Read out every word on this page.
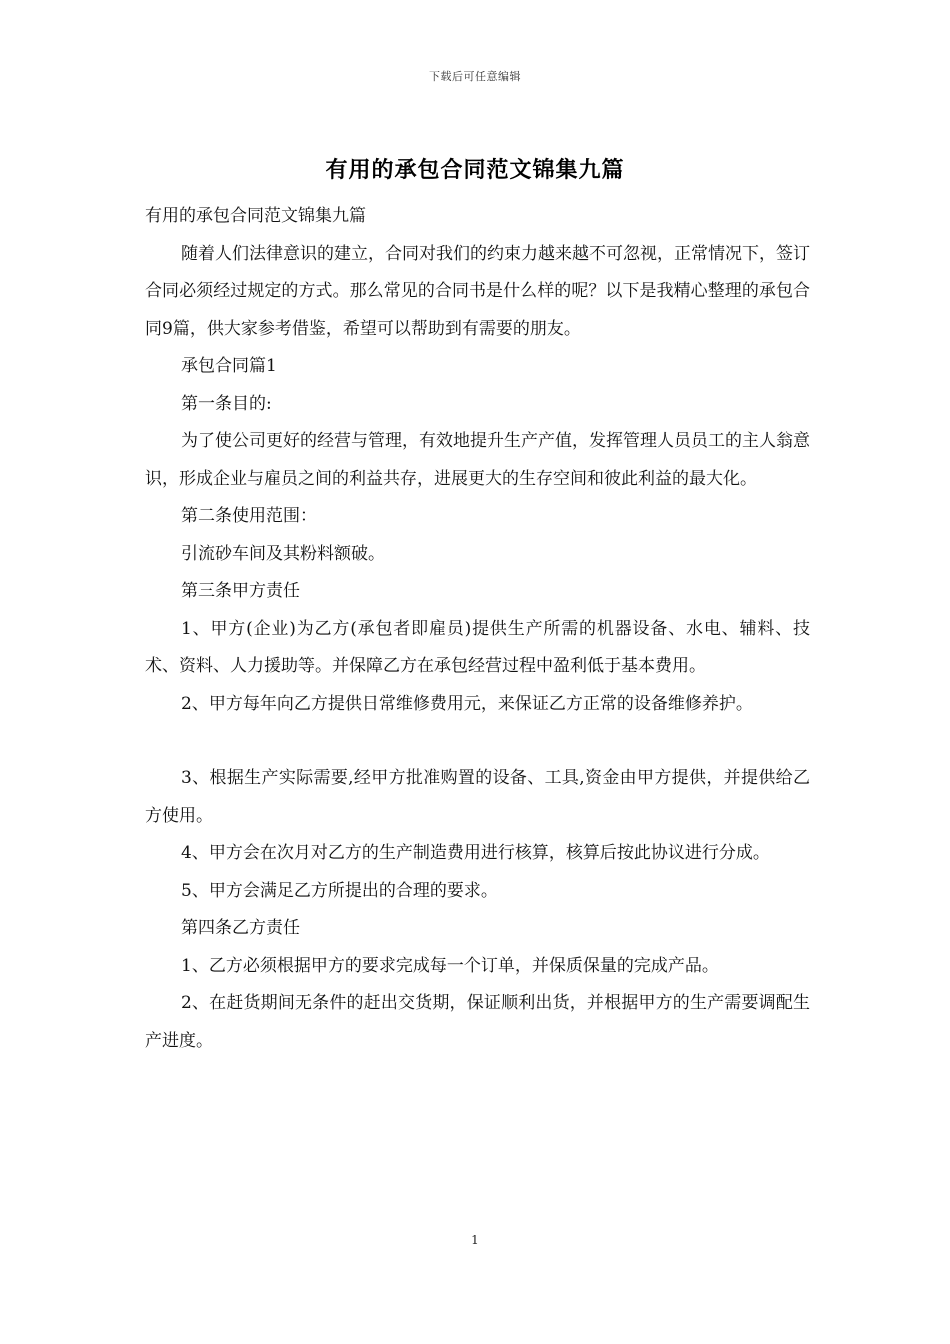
下载后可任意编辑
有用的承包合同范文锦集九篇

有用的承包合同范文锦集九篇

随着人们法律意识的建立，合同对我们的约束力越来越不可忽视，正常情况下，签订合同必须经过规定的方式。那么常见的合同书是什么样的呢？以下是我精心整理的承包合同9篇，供大家参考借鉴，希望可以帮助到有需要的朋友。

承包合同篇1

第一条目的:

为了使公司更好的经营与管理，有效地提升生产产值，发挥管理人员员工的主人翁意识，形成企业与雇员之间的利益共存，进展更大的生存空间和彼此利益的最大化。

第二条使用范围：

引流砂车间及其粉料额破。

第三条甲方责任

1、甲方(企业)为乙方(承包者即雇员)提供生产所需的机器设备、水电、辅料、技术、资料、人力援助等。并保障乙方在承包经营过程中盈利低于基本费用。

2、甲方每年向乙方提供日常维修费用元，来保证乙方正常的设备维修养护。

3、根据生产实际需要,经甲方批准购置的设备、工具,资金由甲方提供，并提供给乙方使用。

4、甲方会在次月对乙方的生产制造费用进行核算，核算后按此协议进行分成。

5、甲方会满足乙方所提出的合理的要求。

第四条乙方责任

1、乙方必须根据甲方的要求完成每一个订单，并保质保量的完成产品。

2、在赶货期间无条件的赶出交货期，保证顺利出货，并根据甲方的生产需要调配生产进度。

1
